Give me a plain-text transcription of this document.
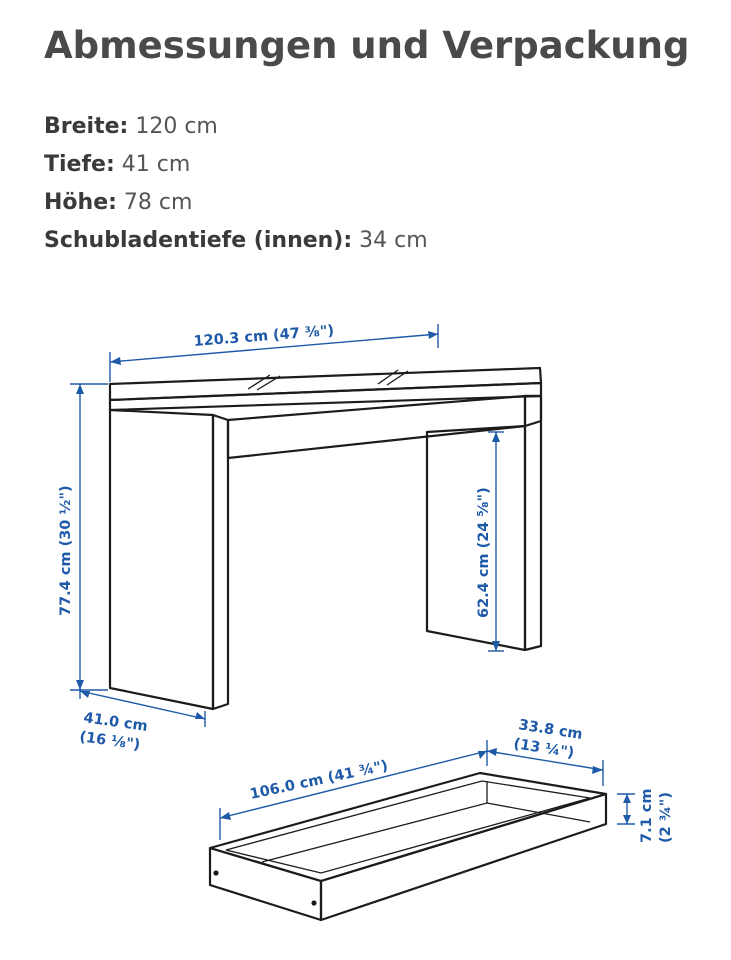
Abmessungen und Verpackung
Breite: 120 cm
Tiefe: 41 cm
Höhe: 78 cm
Schubladentiefe (innen): 34 cm
120.3 cm (47 ³⁄₈")
77.4 cm (30 ½")	62.4 cm (24 ⁵⁄₈")
41.0 cm
(16 ⅛")
106.0 cm (41 ¾")
33.8 cm
(13 ¼")
7.1 cm (2 ¾")
